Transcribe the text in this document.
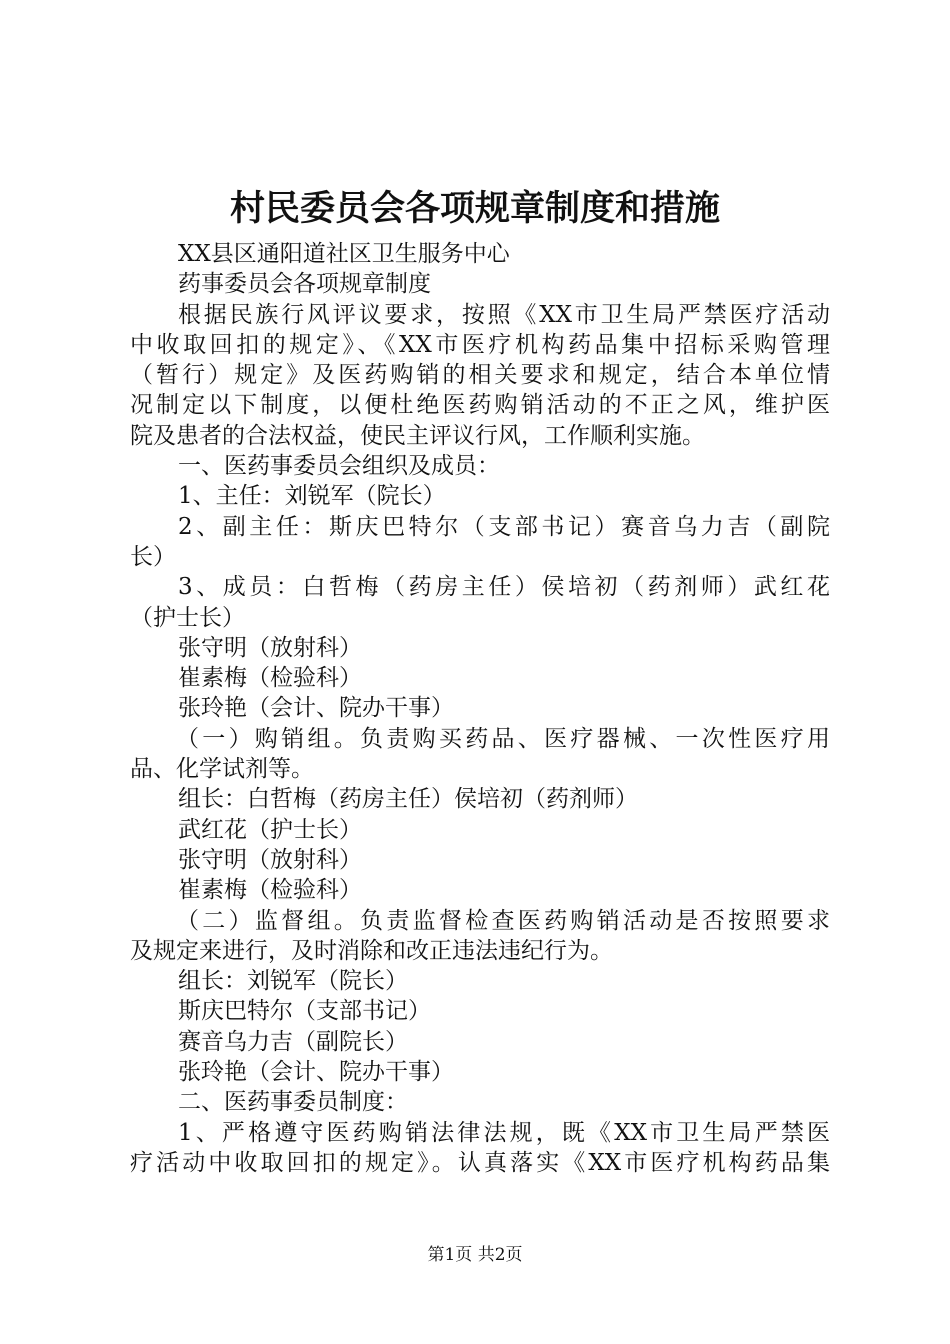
村民委员会各项规章制度和措施
XX县区通阳道社区卫生服务中心
药事委员会各项规章制度
根据民族行风评议要求，按照《XX市卫生局严禁医疗活动
中收取回扣的规定》、《XX市医疗机构药品集中招标采购管理
（暂行）规定》及医药购销的相关要求和规定，结合本单位情
况制定以下制度，以便杜绝医药购销活动的不正之风，维护医
院及患者的合法权益，使民主评议行风，工作顺利实施。
一、医药事委员会组织及成员：
1、主任：刘锐军（院长）
2、副主任：斯庆巴特尔（支部书记）赛音乌力吉（副院
长）
3、成员：白哲梅（药房主任）侯培初（药剂师）武红花
（护士长）
张守明（放射科）
崔素梅（检验科）
张玲艳（会计、院办干事）
（一）购销组。负责购买药品、医疗器械、一次性医疗用
品、化学试剂等。
组长：白哲梅（药房主任）侯培初（药剂师）
武红花（护士长）
张守明（放射科）
崔素梅（检验科）
（二）监督组。负责监督检查医药购销活动是否按照要求
及规定来进行，及时消除和改正违法违纪行为。
组长：刘锐军（院长）
斯庆巴特尔（支部书记）
赛音乌力吉（副院长）
张玲艳（会计、院办干事）
二、医药事委员制度：
1、严格遵守医药购销法律法规，既《XX市卫生局严禁医
疗活动中收取回扣的规定》。认真落实《XX市医疗机构药品集
第1页 共2页
